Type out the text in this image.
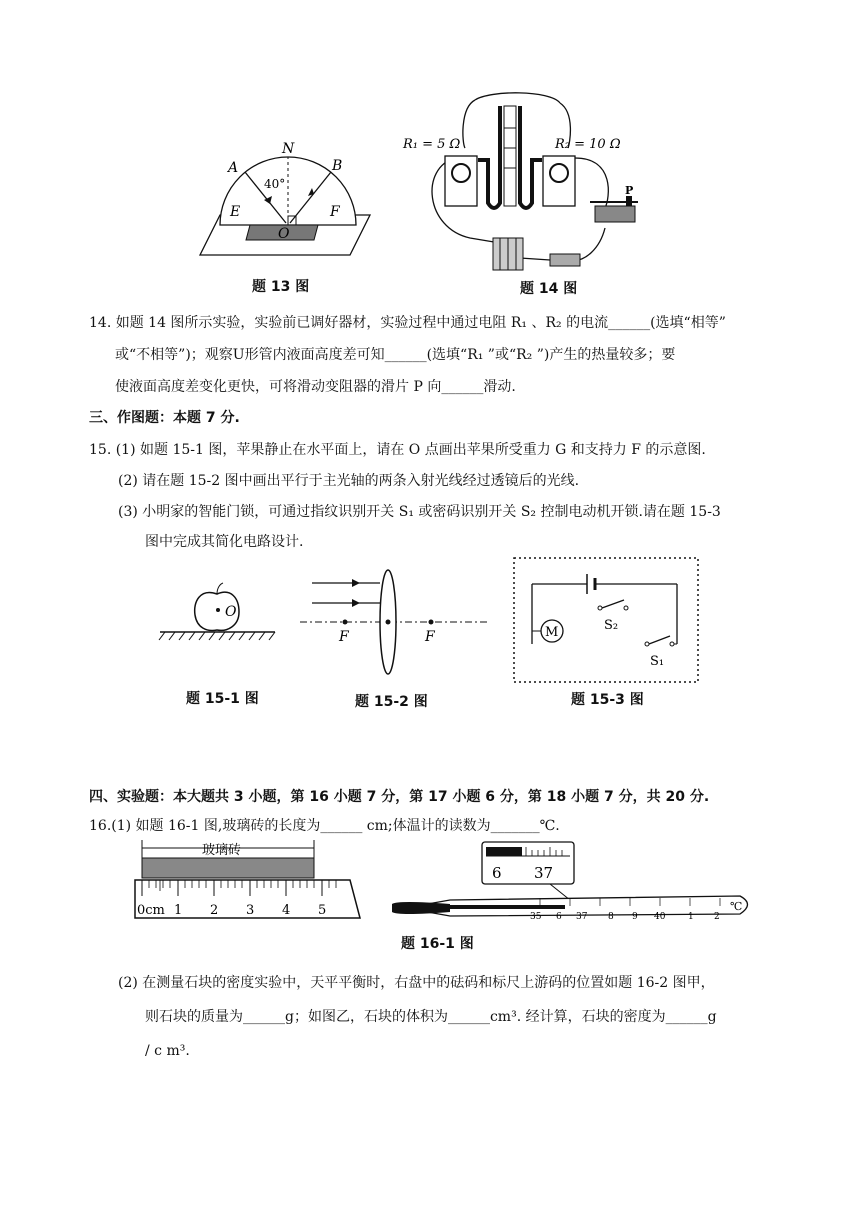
N
A	B
E	F
O
40°
题 13 图
R₁ = 5 Ω	R₂ = 10 Ω
P
题 14 图
14. 如题 14 图所示实验，实验前已调好器材，实验过程中通过电阻 R₁ 、R₂ 的电流______(选填“相等”
或“不相等”)；观察U形管内液面高度差可知______(选填“R₁ ”或“R₂ ”)产生的热量较多；要
使液面高度差变化更快，可将滑动变阻器的滑片 P 向______滑动.
三、作图题：本题 7 分.
15. (1) 如题 15-1 图，苹果静止在水平面上，请在 O 点画出苹果所受重力 G 和支持力 F 的示意图.
(2) 请在题 15-2 图中画出平行于主光轴的两条入射光线经过透镜后的光线.
(3) 小明家的智能门锁，可通过指纹识别开关 S₁ 或密码识别开关 S₂ 控制电动机开锁.请在题 15-3
图中完成其简化电路设计.
O
题 15-1 图
F	F
题 15-2 图
M	S₂
S₁
题 15-3 图
四、实验题：本大题共 3 小题，第 16 小题 7 分，第 17 小题 6 分，第 18 小题 7 分，共 20 分.
16.(1) 如题 16-1 图,玻璃砖的长度为______ cm;体温计的读数为_______℃.
玻璃砖
0cm 1 2 3 4 5
6 37
35 6 37 8 9 40	1 2
℃
题 16-1 图
(2) 在测量石块的密度实验中，天平平衡时，右盘中的砝码和标尺上游码的位置如题 16-2 图甲，
则石块的质量为______g；如图乙，石块的体积为______cm³. 经计算，石块的密度为______g
/ c m³.
